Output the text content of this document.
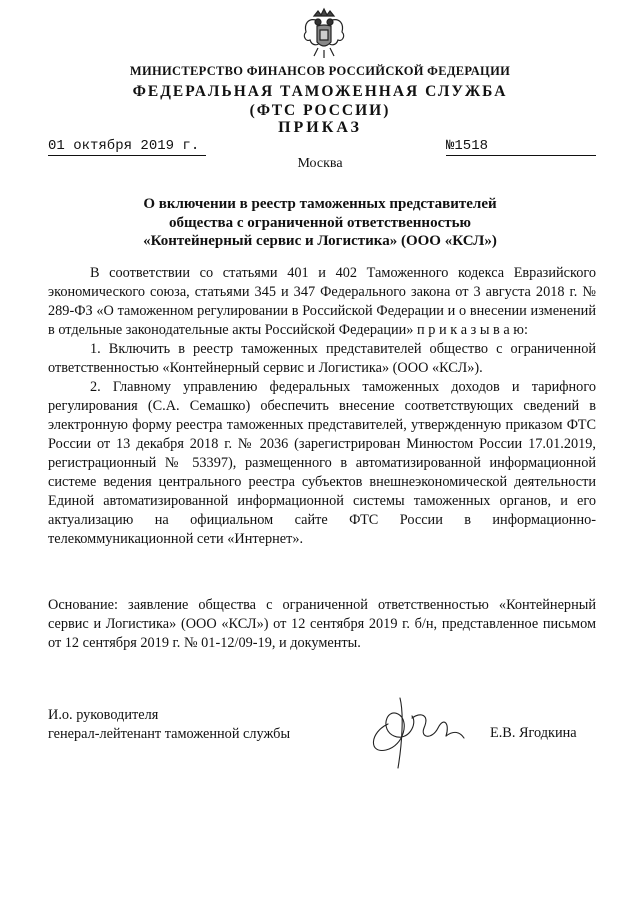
МИНИСТЕРСТВО ФИНАНСОВ РОССИЙСКОЙ ФЕДЕРАЦИИ
ФЕДЕРАЛЬНАЯ ТАМОЖЕННАЯ СЛУЖБА
(ФТС РОССИИ)
ПРИКАЗ
01 октября 2019 г.	№1518
Москва
О включении в реестр таможенных представителей
общества с ограниченной ответственностью
«Контейнерный сервис и Логистика» (ООО «КСЛ»)

В соответствии со статьями 401 и 402 Таможенного кодекса Евразийского экономического союза, статьями 345 и 347 Федерального закона от 3 августа 2018 г. № 289-ФЗ «О таможенном регулировании в Российской Федерации и о внесении изменений в отдельные законодательные акты Российской Федерации» п р и к а з ы в а ю:

1. Включить в реестр таможенных представителей общество с ограниченной ответственностью «Контейнерный сервис и Логистика» (ООО «КСЛ»).

2. Главному управлению федеральных таможенных доходов и тарифного регулирования (С.А. Семашко) обеспечить внесение соответствующих сведений в электронную форму реестра таможенных представителей, утвержденную приказом ФТС России от 13 декабря 2018 г. № 2036 (зарегистрирован Минюстом России 17.01.2019, регистрационный № 53397), размещенного в автоматизированной информационной системе ведения центрального реестра субъектов внешнеэкономической деятельности Единой автоматизированной информационной системы таможенных органов, и его актуализацию на официальном сайте ФТС России в информационно-телекоммуникационной сети «Интернет».

Основание: заявление общества с ограниченной ответственностью «Контейнерный сервис и Логистика» (ООО «КСЛ») от 12 сентября 2019 г. б/н, представленное письмом от 12 сентября 2019 г. № 01-12/09-19, и документы.

И.о. руководителя
генерал-лейтенант таможенной службы	Е.В. Ягодкина
